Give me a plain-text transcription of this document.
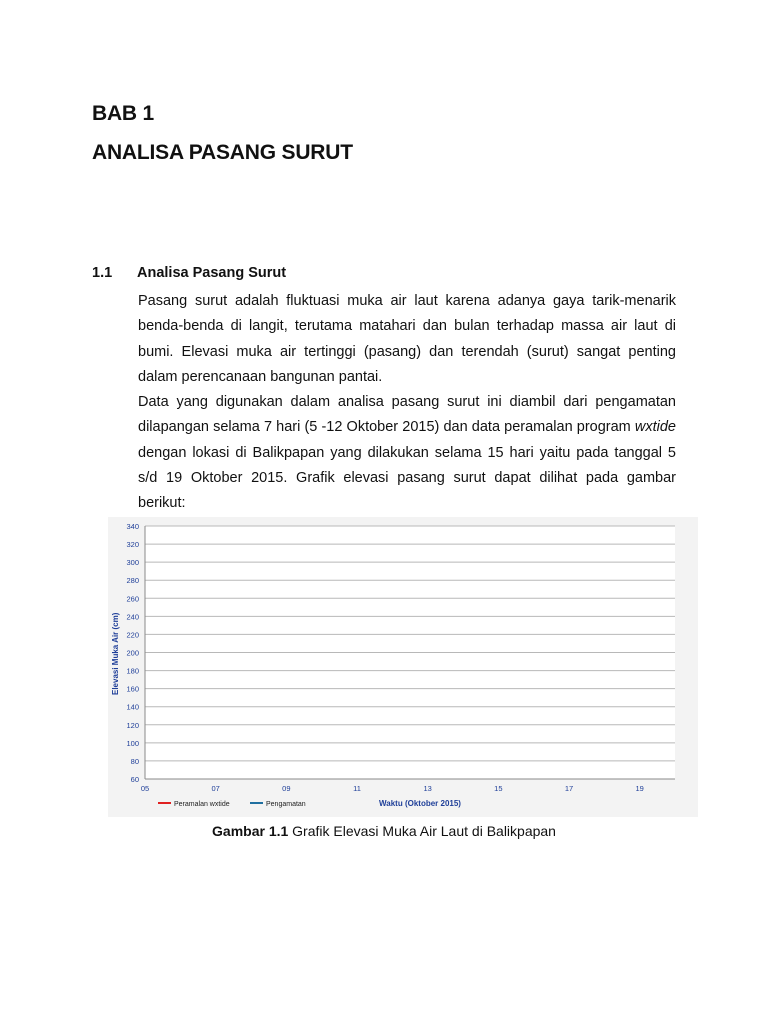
BAB 1
ANALISA PASANG SURUT
1.1 Analisa Pasang Surut

Pasang surut adalah fluktuasi muka air laut karena adanya gaya tarik-menarik benda-benda di langit, terutama matahari dan bulan terhadap massa air laut di bumi. Elevasi muka air tertinggi (pasang) dan terendah (surut) sangat penting dalam perencanaan bangunan pantai.

Data yang digunakan dalam analisa pasang surut ini diambil dari pengamatan dilapangan selama 7 hari (5 -12 Oktober 2015) dan data peramalan program wxtide dengan lokasi di Balikpapan yang dilakukan selama 15 hari yaitu pada tanggal 5 s/d 19 Oktober 2015. Grafik elevasi pasang surut dapat dilihat pada gambar berikut:

60
80
100
120
140
160
180
200
220
240
260
280
300
320
340
05	07	09	11	13	15	17	19
Peramalan wxtide	Pengamatan	Waktu (Oktober 2015)
Elevasi Muka Air (cm)
Gambar 1.1 Grafik Elevasi Muka Air Laut di Balikpapan
